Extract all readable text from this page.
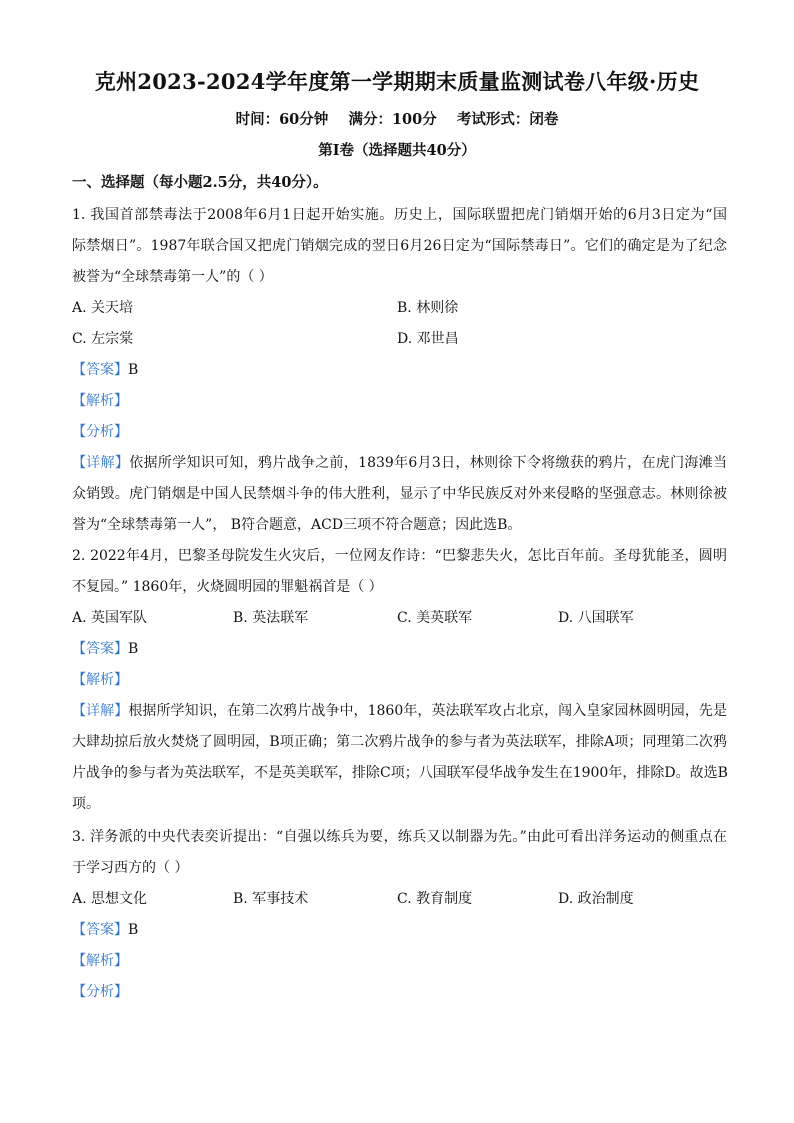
克州2023-2024学年度第一学期期末质量监测试卷八年级·历史
时间：60分钟    满分：100分    考试形式：闭卷
第Ⅰ卷（选择题共40分）
一、选择题（每小题2.5分，共40分）。
1. 我国首部禁毒法于2008年6月1日起开始实施。历史上，国际联盟把虎门销烟开始的6月3日定为“国
际禁烟日”。1987年联合国又把虎门销烟完成的翌日6月26日定为“国际禁毒日”。它们的确定是为了纪念
被誉为“全球禁毒第一人”的（ ）
A. 关天培	B. 林则徐
C. 左宗棠	D. 邓世昌
【答案】B
【解析】
【分析】
【详解】依据所学知识可知，鸦片战争之前，1839年6月3日，林则徐下令将缴获的鸦片，在虎门海滩当
众销毁。虎门销烟是中国人民禁烟斗争的伟大胜利，显示了中华民族反对外来侵略的坚强意志。林则徐被
誉为“全球禁毒第一人”， B符合题意，ACD三项不符合题意；因此选B。
2. 2022年4月，巴黎圣母院发生火灾后，一位网友作诗：“巴黎悲失火，怎比百年前。圣母犹能圣，圆明
不复园。” 1860年，火烧圆明园的罪魁祸首是（ ）
A. 英国军队	B. 英法联军	C. 美英联军	D. 八国联军
【答案】B
【解析】
【详解】根据所学知识，在第二次鸦片战争中，1860年，英法联军攻占北京，闯入皇家园林圆明园，先是
大肆劫掠后放火焚烧了圆明园，B项正确；第二次鸦片战争的参与者为英法联军，排除A项；同理第二次鸦
片战争的参与者为英法联军，不是英美联军，排除C项；八国联军侵华战争发生在1900年，排除D。故选B
项。
3. 洋务派的中央代表奕䜣提出：“自强以练兵为要，练兵又以制器为先。”由此可看出洋务运动的侧重点在
于学习西方的（ ）
A. 思想文化	B. 军事技术	C. 教育制度	D. 政治制度
【答案】B
【解析】
【分析】
